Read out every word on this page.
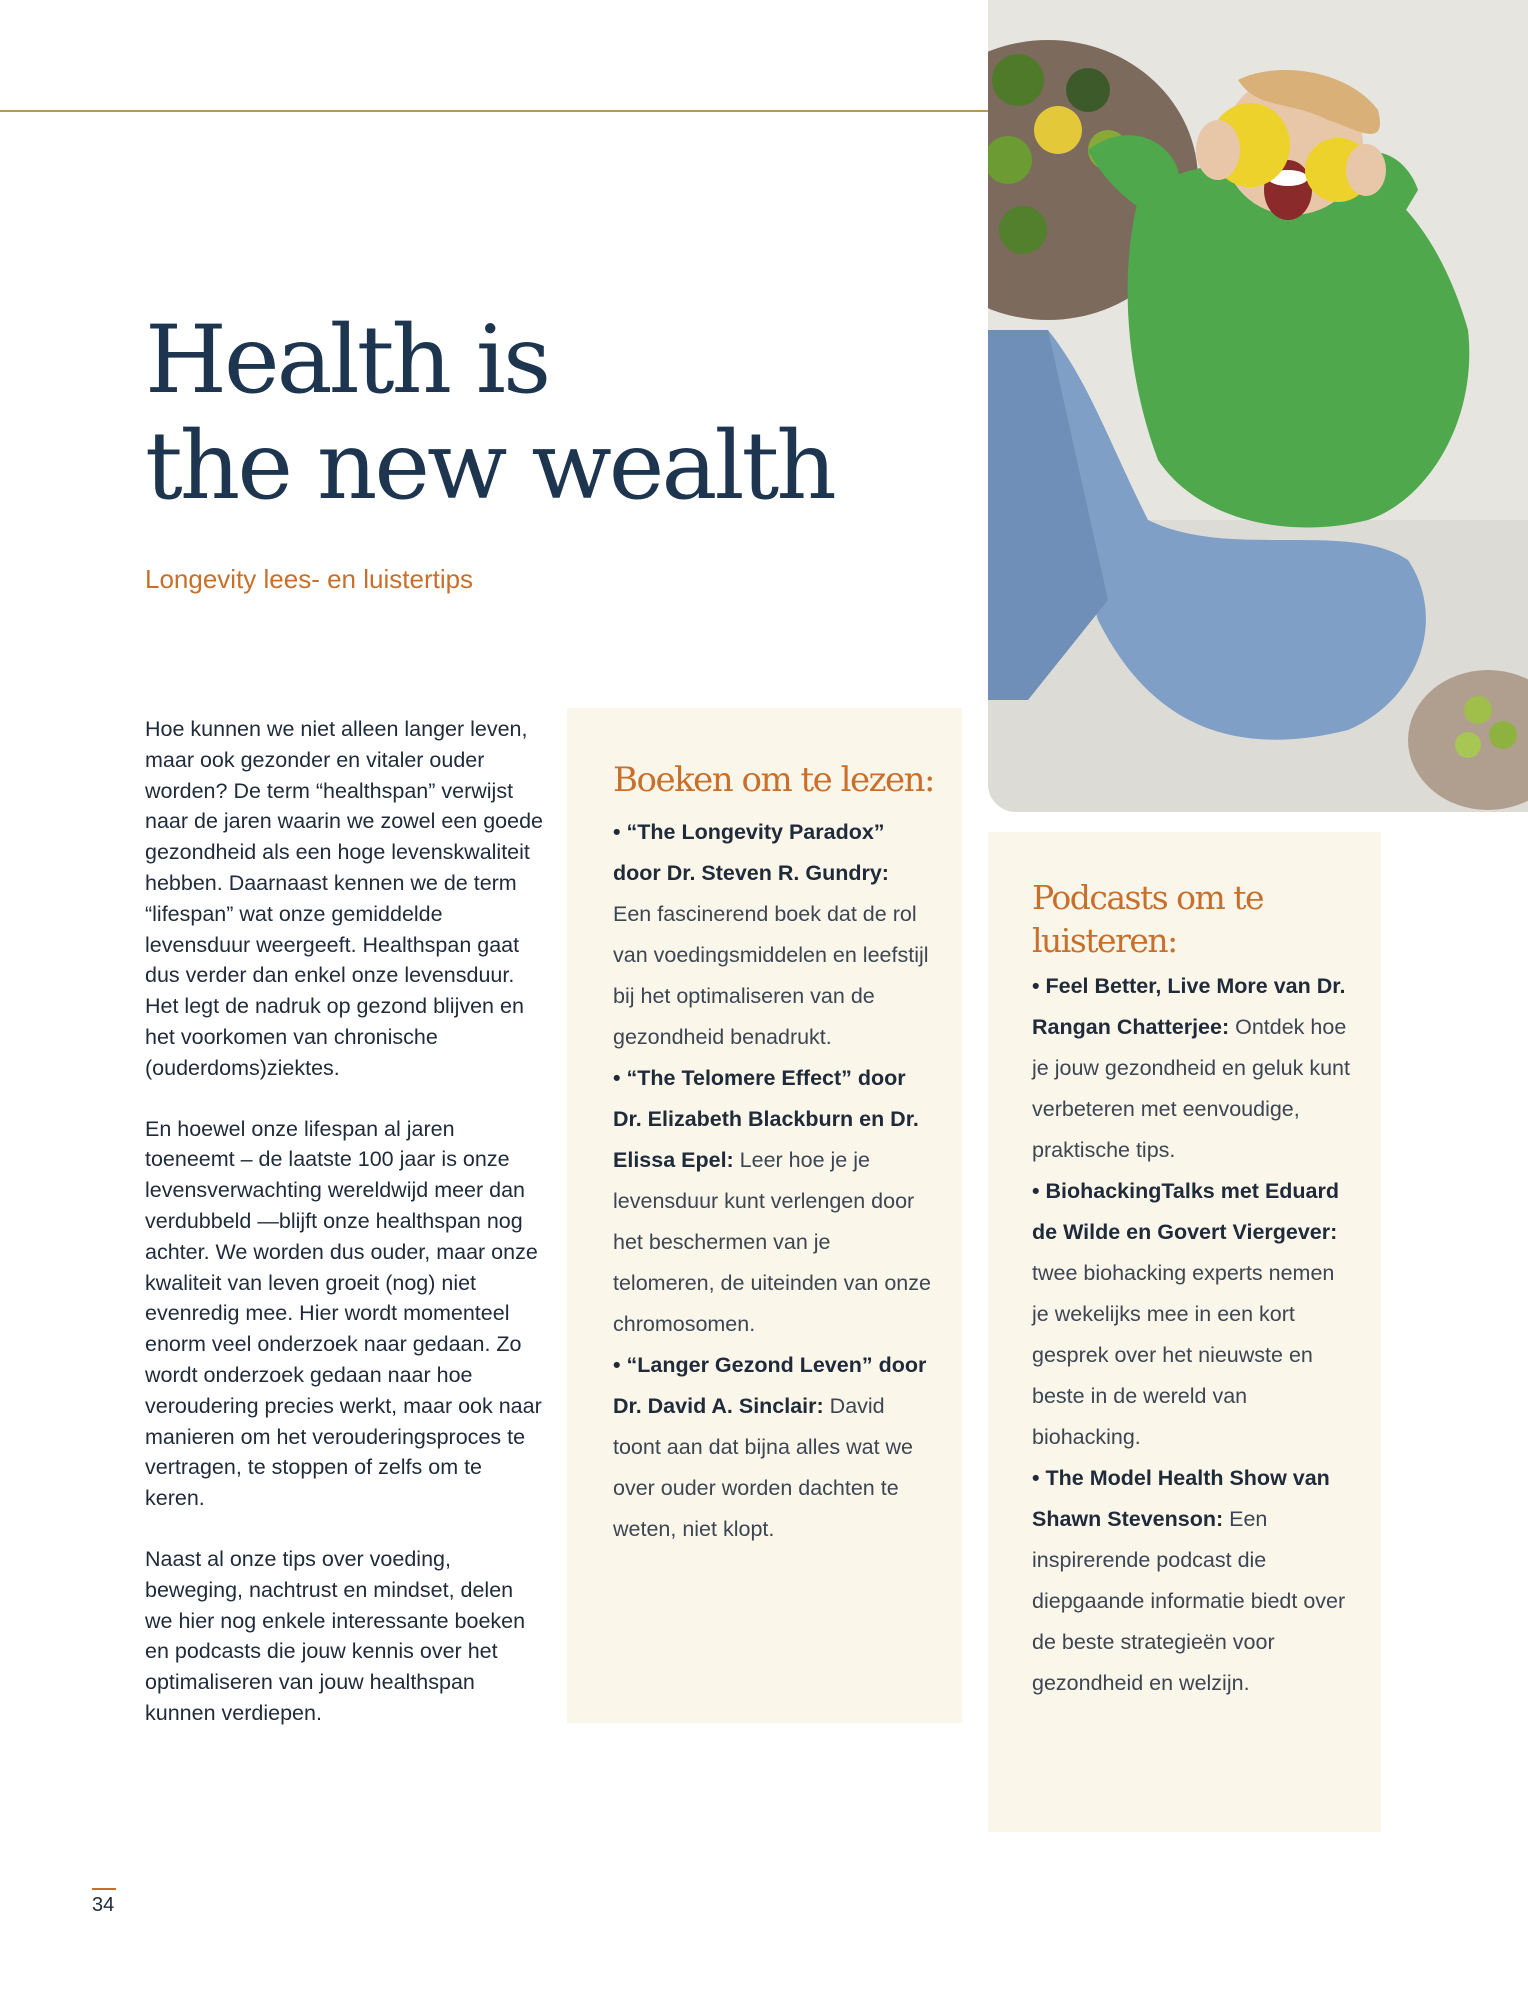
Health is
the new wealth
Longevity lees- en luistertips

Hoe kunnen we niet alleen langer leven, maar ook gezonder en vitaler ouder worden? De term “healthspan” verwijst naar de jaren waarin we zowel een goede gezondheid als een hoge levenskwaliteit hebben. Daarnaast kennen we de term “lifespan” wat onze gemiddelde levensduur weergeeft. Healthspan gaat dus verder dan enkel onze levensduur. Het legt de nadruk op gezond blijven en het voorkomen van chronische (ouderdoms)ziektes.

En hoewel onze lifespan al jaren toeneemt – de laatste 100 jaar is onze levensverwachting wereldwijd meer dan verdubbeld —blijft onze healthspan nog achter. We worden dus ouder, maar onze kwaliteit van leven groeit (nog) niet evenredig mee. Hier wordt momenteel enorm veel onderzoek naar gedaan. Zo wordt onderzoek gedaan naar hoe veroudering precies werkt, maar ook naar manieren om het verouderingsproces te vertragen, te stoppen of zelfs om te keren.

Naast al onze tips over voeding, beweging, nachtrust en mindset, delen we hier nog enkele interessante boeken en podcasts die jouw kennis over het optimaliseren van jouw healthspan kunnen verdiepen.

Boeken om te lezen:
• “The Longevity Paradox” door Dr. Steven R. Gundry: Een fascinerend boek dat de rol van voedingsmiddelen en leefstijl bij het optimaliseren van de gezondheid benadrukt.
• “The Telomere Effect” door Dr. Elizabeth Blackburn en Dr. Elissa Epel: Leer hoe je je levensduur kunt verlengen door het beschermen van je telomeren, de uiteinden van onze chromosomen.
• “Langer Gezond Leven” door Dr. David A. Sinclair: David toont aan dat bijna alles wat we over ouder worden dachten te weten, niet klopt.
Podcasts om te luisteren:
• Feel Better, Live More van Dr. Rangan Chatterjee: Ontdek hoe je jouw gezondheid en geluk kunt verbeteren met eenvoudige, praktische tips.
• BiohackingTalks met Eduard de Wilde en Govert Viergever: twee biohacking experts nemen je wekelijks mee in een kort gesprek over het nieuwste en beste in de wereld van biohacking.
• The Model Health Show van Shawn Stevenson: Een inspirerende podcast die diepgaande informatie biedt over de beste strategieën voor gezondheid en welzijn.
34
